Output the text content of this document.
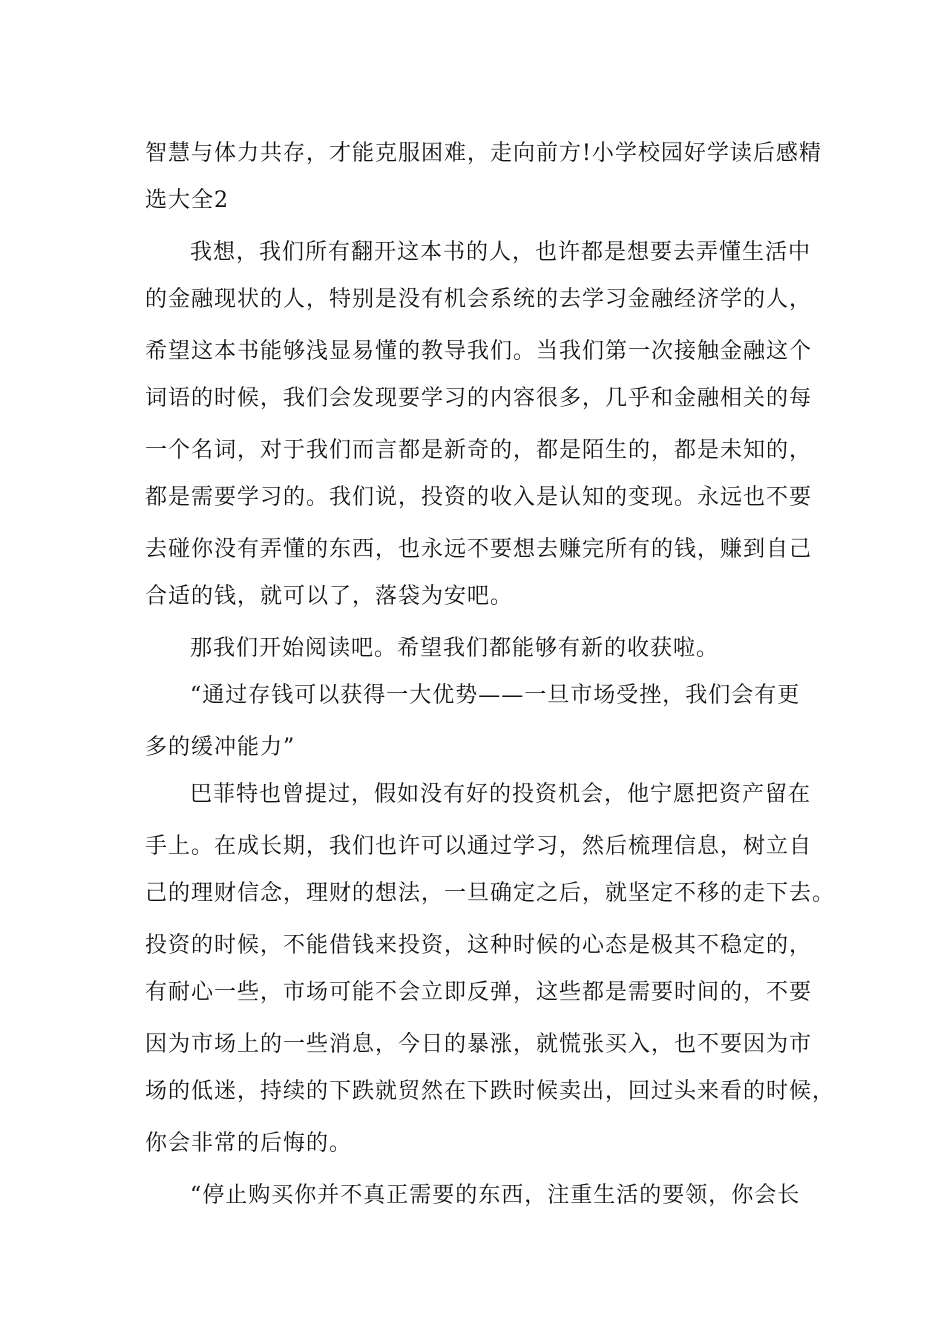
智慧与体力共存，才能克服困难，走向前方!小学校园好学读后感精
选大全2
我想，我们所有翻开这本书的人，也许都是想要去弄懂生活中
的金融现状的人，特别是没有机会系统的去学习金融经济学的人，
希望这本书能够浅显易懂的教导我们。当我们第一次接触金融这个
词语的时候，我们会发现要学习的内容很多，几乎和金融相关的每
一个名词，对于我们而言都是新奇的，都是陌生的，都是未知的，
都是需要学习的。我们说，投资的收入是认知的变现。永远也不要
去碰你没有弄懂的东西，也永远不要想去赚完所有的钱，赚到自己
合适的钱，就可以了，落袋为安吧。
那我们开始阅读吧。希望我们都能够有新的收获啦。
“通过存钱可以获得一大优势——一旦市场受挫，我们会有更
多的缓冲能力”
巴菲特也曾提过，假如没有好的投资机会，他宁愿把资产留在
手上。在成长期，我们也许可以通过学习，然后梳理信息，树立自
己的理财信念，理财的想法，一旦确定之后，就坚定不移的走下去。
投资的时候，不能借钱来投资，这种时候的心态是极其不稳定的，
有耐心一些，市场可能不会立即反弹，这些都是需要时间的，不要
因为市场上的一些消息，今日的暴涨，就慌张买入，也不要因为市
场的低迷，持续的下跌就贸然在下跌时候卖出，回过头来看的时候，
你会非常的后悔的。
“停止购买你并不真正需要的东西，注重生活的要领，你会长
